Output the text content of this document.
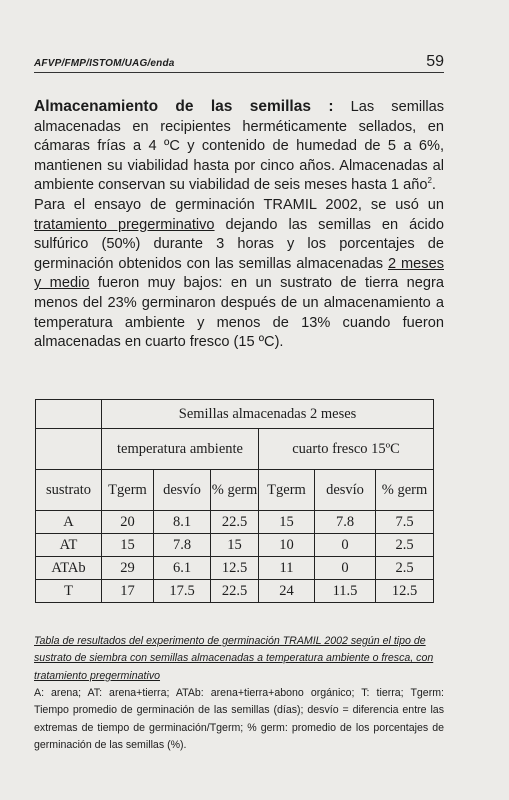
AFVP/FMP/ISTOM/UAG/enda	59

Almacenamiento de las semillas : Las semillas almacenadas en recipientes herméticamente sellados, en cámaras frías a 4 ºC y contenido de humedad de 5 a 6%, mantienen su viabilidad hasta por cinco años. Almacenadas al ambiente conservan su viabilidad de seis meses hasta 1 año$^2$.

Para el ensayo de germinación TRAMIL 2002, se usó un tratamiento pregerminativo dejando las semillas en ácido sulfúrico (50%) durante 3 horas y los porcentajes de germinación obtenidos con las semillas almacenadas 2 meses y medio fueron muy bajos: en un sustrato de tierra negra menos del 23% germinaron después de un almacenamiento a temperatura ambiente y menos de 13% cuando fueron almacenadas en cuarto fresco (15 ºC).

	Semillas almacenadas 2 meses					
	temperatura ambiente			cuarto fresco 15ºC		
sustrato	Tgerm	desvío	% germ	Tgerm	desvío	% germ
A	20	8.1	22.5	15	7.8	7.5
AT	15	7.8	15	10	0	2.5
ATAb	29	6.1	12.5	11	0	2.5
T	17	17.5	22.5	24	11.5	12.5
Tabla de resultados del experimento de germinación TRAMIL 2002 según el tipo de sustrato de siembra con semillas almacenadas a temperatura ambiente o fresca, con tratamiento pregerminativo
A: arena; AT: arena+tierra; ATAb: arena+tierra+abono orgánico; T: tierra; Tgerm: Tiempo promedio de germinación de las semillas (días); desvío = diferencia entre las extremas de tiempo de germinación/Tgerm; % germ: promedio de los porcentajes de germinación de las semillas (%).
